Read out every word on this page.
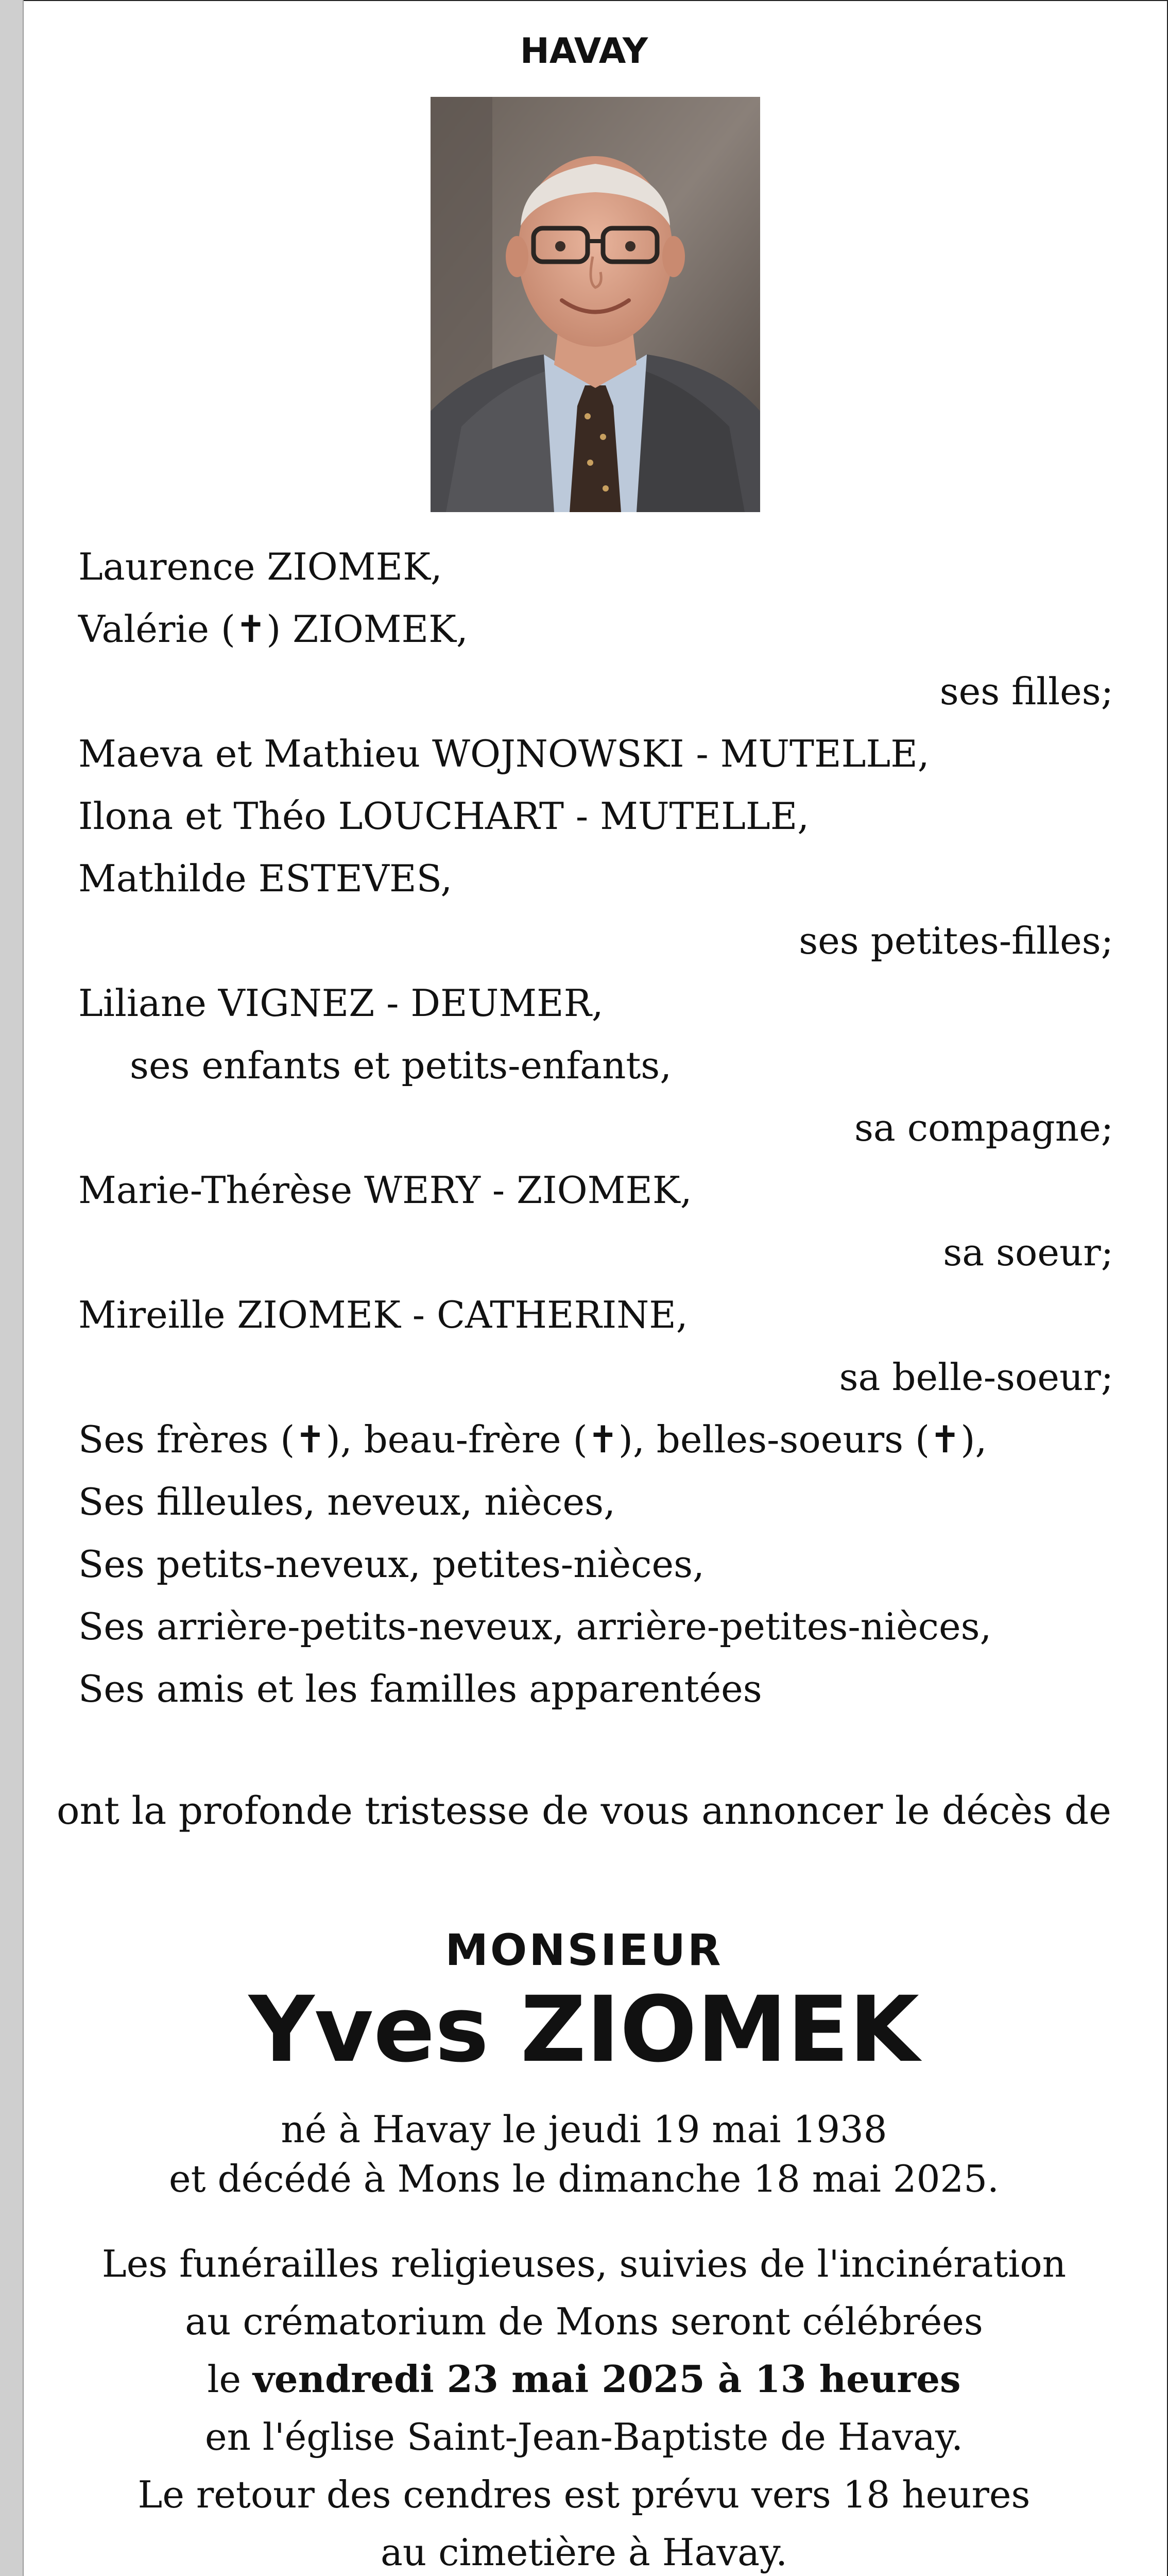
HAVAY
Laurence ZIOMEK,
Valérie (✝) ZIOMEK,
ses filles;
Maeva et Mathieu WOJNOWSKI - MUTELLE,
Ilona et Théo LOUCHART - MUTELLE,
Mathilde ESTEVES,
ses petites-filles;
Liliane VIGNEZ - DEUMER,
ses enfants et petits-enfants,
sa compagne;
Marie-Thérèse WERY - ZIOMEK,
sa soeur;
Mireille ZIOMEK - CATHERINE,
sa belle-soeur;
Ses frères (✝), beau-frère (✝), belles-soeurs (✝),
Ses filleules, neveux, nièces,
Ses petits-neveux, petites-nièces,
Ses arrière-petits-neveux, arrière-petites-nièces,
Ses amis et les familles apparentées
ont la profonde tristesse de vous annoncer le décès de
MONSIEUR
Yves ZIOMEK
né à Havay le jeudi 19 mai 1938
et décédé à Mons le dimanche 18 mai 2025.
Les funérailles religieuses, suivies de l'incinération
au crématorium de Mons seront célébrées
le vendredi 23 mai 2025 à 13 heures
en l'église Saint-Jean-Baptiste de Havay.
Le retour des cendres est prévu vers 18 heures
au cimetière à Havay.
